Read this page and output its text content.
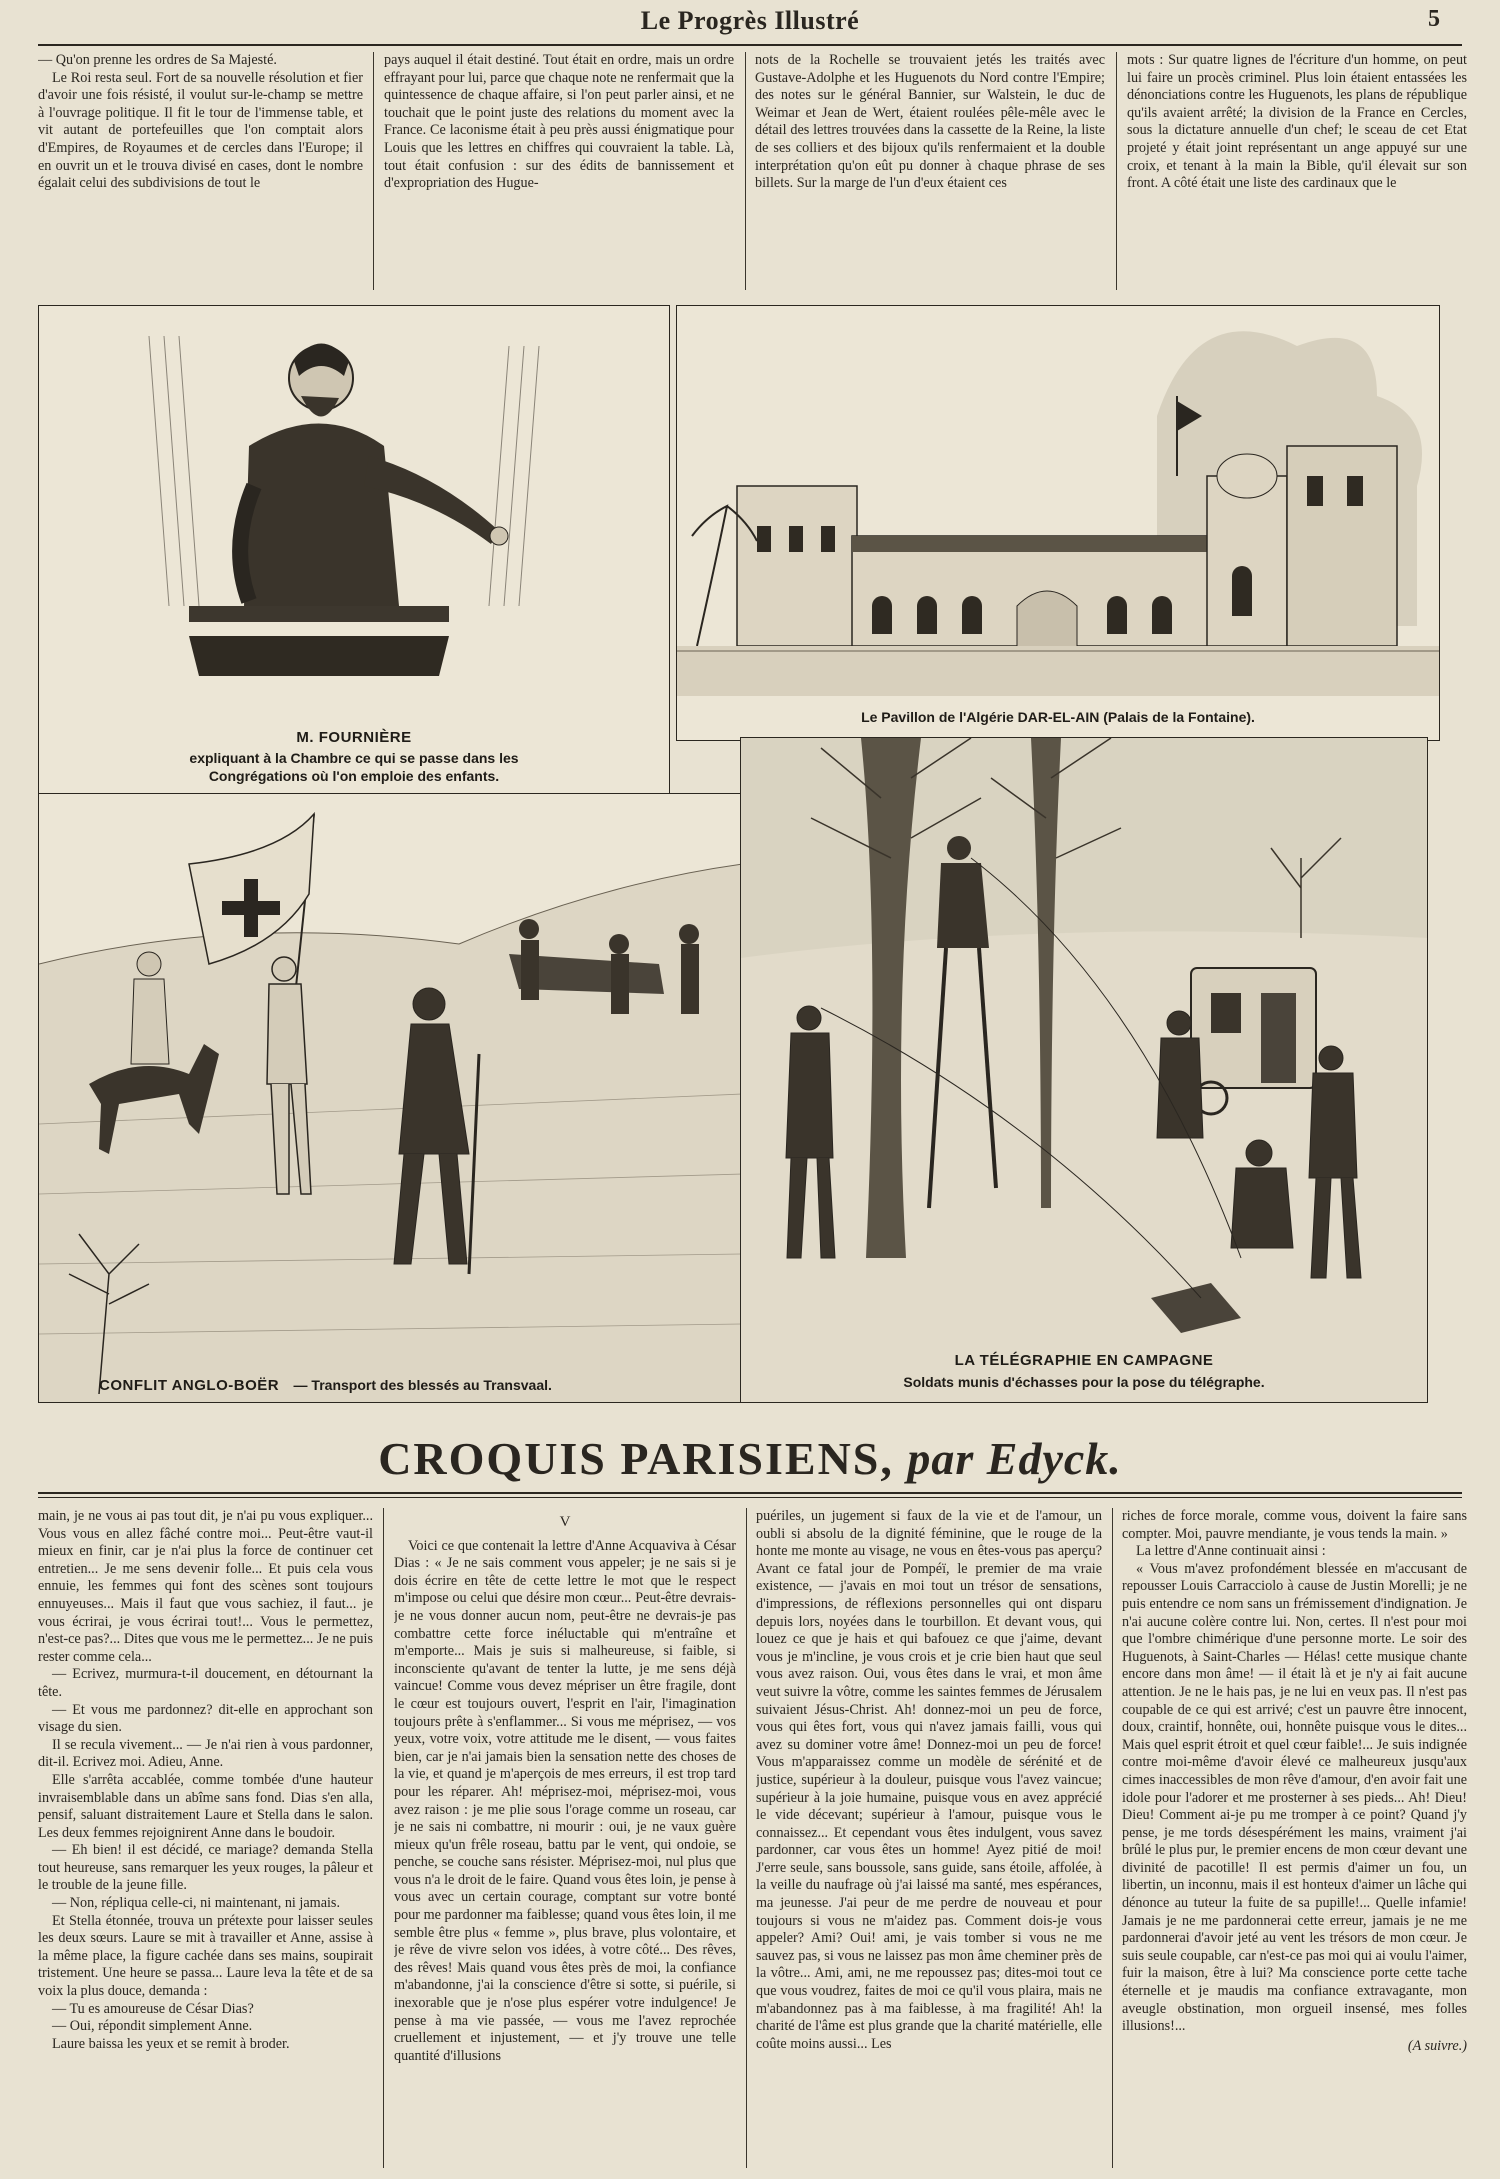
Le Progrès Illustré	5

— Qu'on prenne les ordres de Sa Majesté.

Le Roi resta seul. Fort de sa nouvelle résolution et fier d'avoir une fois résisté, il voulut sur-le-champ se mettre à l'ouvrage politique. Il fit le tour de l'immense table, et vit autant de portefeuilles que l'on comptait alors d'Empires, de Royaumes et de cercles dans l'Europe; il en ouvrit un et le trouva divisé en cases, dont le nombre égalait celui des subdivisions de tout le

pays auquel il était destiné. Tout était en ordre, mais un ordre effrayant pour lui, parce que chaque note ne renfermait que la quintessence de chaque affaire, si l'on peut parler ainsi, et ne touchait que le point juste des relations du moment avec la France. Ce laconisme était à peu près aussi énigmatique pour Louis que les lettres en chiffres qui couvraient la table. Là, tout était confusion : sur des édits de bannissement et d'expropriation des Hugue-

nots de la Rochelle se trouvaient jetés les traités avec Gustave-Adolphe et les Huguenots du Nord contre l'Empire; des notes sur le général Bannier, sur Walstein, le duc de Weimar et Jean de Wert, étaient roulées pêle-mêle avec le détail des lettres trouvées dans la cassette de la Reine, la liste de ses colliers et des bijoux qu'ils renfermaient et la double interprétation qu'on eût pu donner à chaque phrase de ses billets. Sur la marge de l'un d'eux étaient ces

mots : Sur quatre lignes de l'écriture d'un homme, on peut lui faire un procès criminel. Plus loin étaient entassées les dénonciations contre les Huguenots, les plans de république qu'ils avaient arrêté; la division de la France en Cercles, sous la dictature annuelle d'un chef; le sceau de cet Etat projeté y était joint représentant un ange appuyé sur une croix, et tenant à la main la Bible, qu'il élevait sur son front. A côté était une liste des cardinaux que le

M. FOURNIÈRE
expliquant à la Chambre ce qui se passe dans les Congrégations où l'on emploie des enfants.
Le Pavillon de l'Algérie DAR-EL-AIN (Palais de la Fontaine).
CONFLIT ANGLO-BOËR — Transport des blessés au Transvaal.
LA TÉLÉGRAPHIE EN CAMPAGNE
Soldats munis d'échasses pour la pose du télégraphe.
CROQUIS PARISIENS, par Edyck.

main, je ne vous ai pas tout dit, je n'ai pu vous expliquer... Vous vous en allez fâché contre moi... Peut-être vaut-il mieux en finir, car je n'ai plus la force de continuer cet entretien... Je me sens devenir folle... Et puis cela vous ennuie, les femmes qui font des scènes sont toujours ennuyeuses... Mais il faut que vous sachiez, il faut... je vous écrirai, je vous écrirai tout!... Vous le permettez, n'est-ce pas?... Dites que vous me le permettez... Je ne puis rester comme cela...

— Ecrivez, murmura-t-il doucement, en détournant la tête.

— Et vous me pardonnez? dit-elle en approchant son visage du sien.

Il se recula vivement... — Je n'ai rien à vous pardonner, dit-il. Ecrivez moi. Adieu, Anne.

Elle s'arrêta accablée, comme tombée d'une hauteur invraisemblable dans un abîme sans fond. Dias s'en alla, pensif, saluant distraitement Laure et Stella dans le salon. Les deux femmes rejoignirent Anne dans le boudoir.

— Eh bien! il est décidé, ce mariage? demanda Stella tout heureuse, sans remarquer les yeux rouges, la pâleur et le trouble de la jeune fille.

— Non, répliqua celle-ci, ni maintenant, ni jamais.

Et Stella étonnée, trouva un prétexte pour laisser seules les deux sœurs. Laure se mit à travailler et Anne, assise à la même place, la figure cachée dans ses mains, soupirait tristement. Une heure se passa... Laure leva la tête et de sa voix la plus douce, demanda :

— Tu es amoureuse de César Dias?

— Oui, répondit simplement Anne.

Laure baissa les yeux et se remit à broder.

V

Voici ce que contenait la lettre d'Anne Acquaviva à César Dias : « Je ne sais comment vous appeler; je ne sais si je dois écrire en tête de cette lettre le mot que le respect m'impose ou celui que désire mon cœur... Peut-être devrais-je ne vous donner aucun nom, peut-être ne devrais-je pas combattre cette force inéluctable qui m'entraîne et m'emporte... Mais je suis si malheureuse, si faible, si inconsciente qu'avant de tenter la lutte, je me sens déjà vaincue! Comme vous devez mépriser un être fragile, dont le cœur est toujours ouvert, l'esprit en l'air, l'imagination toujours prête à s'enflammer... Si vous me méprisez, — vos yeux, votre voix, votre attitude me le disent, — vous faites bien, car je n'ai jamais bien la sensation nette des choses de la vie, et quand je m'aperçois de mes erreurs, il est trop tard pour les réparer. Ah! méprisez-moi, méprisez-moi, vous avez raison : je me plie sous l'orage comme un roseau, car je ne sais ni combattre, ni mourir : oui, je ne vaux guère mieux qu'un frêle roseau, battu par le vent, qui ondoie, se penche, se couche sans résister. Méprisez-moi, nul plus que vous n'a le droit de le faire. Quand vous êtes loin, je pense à vous avec un certain courage, comptant sur votre bonté pour me pardonner ma faiblesse; quand vous êtes loin, il me semble être plus « femme », plus brave, plus volontaire, et je rêve de vivre selon vos idées, à votre côté... Des rêves, des rêves! Mais quand vous êtes près de moi, la confiance m'abandonne, j'ai la conscience d'être si sotte, si puérile, si inexorable que je n'ose plus espérer votre indulgence! Je pense à ma vie passée, — vous me l'avez reprochée cruellement et injustement, — et j'y trouve une telle quantité d'illusions

puériles, un jugement si faux de la vie et de l'amour, un oubli si absolu de la dignité féminine, que le rouge de la honte me monte au visage, ne vous en êtes-vous pas aperçu? Avant ce fatal jour de Pompéï, le premier de ma vraie existence, — j'avais en moi tout un trésor de sensations, d'impressions, de réflexions personnelles qui ont disparu depuis lors, noyées dans le tourbillon. Et devant vous, qui louez ce que je hais et qui bafouez ce que j'aime, devant vous je m'incline, je vous crois et je crie bien haut que seul vous avez raison. Oui, vous êtes dans le vrai, et mon âme veut suivre la vôtre, comme les saintes femmes de Jérusalem suivaient Jésus-Christ. Ah! donnez-moi un peu de force, vous qui êtes fort, vous qui n'avez jamais failli, vous qui avez su dominer votre âme! Donnez-moi un peu de force! Vous m'apparaissez comme un modèle de sérénité et de justice, supérieur à la douleur, puisque vous l'avez vaincue; supérieur à la joie humaine, puisque vous en avez apprécié le vide décevant; supérieur à l'amour, puisque vous le connaissez... Et cependant vous êtes indulgent, vous savez pardonner, car vous êtes un homme! Ayez pitié de moi! J'erre seule, sans boussole, sans guide, sans étoile, affolée, à la veille du naufrage où j'ai laissé ma santé, mes espérances, ma jeunesse. J'ai peur de me perdre de nouveau et pour toujours si vous ne m'aidez pas. Comment dois-je vous appeler? Ami? Oui! ami, je vais tomber si vous ne me sauvez pas, si vous ne laissez pas mon âme cheminer près de la vôtre... Ami, ami, ne me repoussez pas; dites-moi tout ce que vous voudrez, faites de moi ce qu'il vous plaira, mais ne m'abandonnez pas à ma faiblesse, à ma fragilité! Ah! la charité de l'âme est plus grande que la charité matérielle, elle coûte moins aussi... Les

riches de force morale, comme vous, doivent la faire sans compter. Moi, pauvre mendiante, je vous tends la main. »

La lettre d'Anne continuait ainsi :

« Vous m'avez profondément blessée en m'accusant de repousser Louis Carracciolo à cause de Justin Morelli; je ne puis entendre ce nom sans un frémissement d'indignation. Je n'ai aucune colère contre lui. Non, certes. Il n'est pour moi que l'ombre chimérique d'une personne morte. Le soir des Huguenots, à Saint-Charles — Hélas! cette musique chante encore dans mon âme! — il était là et je n'y ai fait aucune attention. Je ne le hais pas, je ne lui en veux pas. Il n'est pas coupable de ce qui est arrivé; c'est un pauvre être innocent, doux, craintif, honnête, oui, honnête puisque vous le dites... Mais quel esprit étroit et quel cœur faible!... Je suis indignée contre moi-même d'avoir élevé ce malheureux jusqu'aux cimes inaccessibles de mon rêve d'amour, d'en avoir fait une idole pour l'adorer et me prosterner à ses pieds... Ah! Dieu! Dieu! Comment ai-je pu me tromper à ce point? Quand j'y pense, je me tords désespérément les mains, vraiment j'ai brûlé le plus pur, le premier encens de mon cœur devant une divinité de pacotille! Il est permis d'aimer un fou, un libertin, un inconnu, mais il est honteux d'aimer un lâche qui dénonce au tuteur la fuite de sa pupille!... Quelle infamie! Jamais je ne me pardonnerai cette erreur, jamais je ne me pardonnerai d'avoir jeté au vent les trésors de mon cœur. Je suis seule coupable, car n'est-ce pas moi qui ai voulu l'aimer, fuir la maison, être à lui? Ma conscience porte cette tache éternelle et je maudis ma confiance extravagante, mon aveugle obstination, mon orgueil insensé, mes folles illusions!...

(A suivre.)
